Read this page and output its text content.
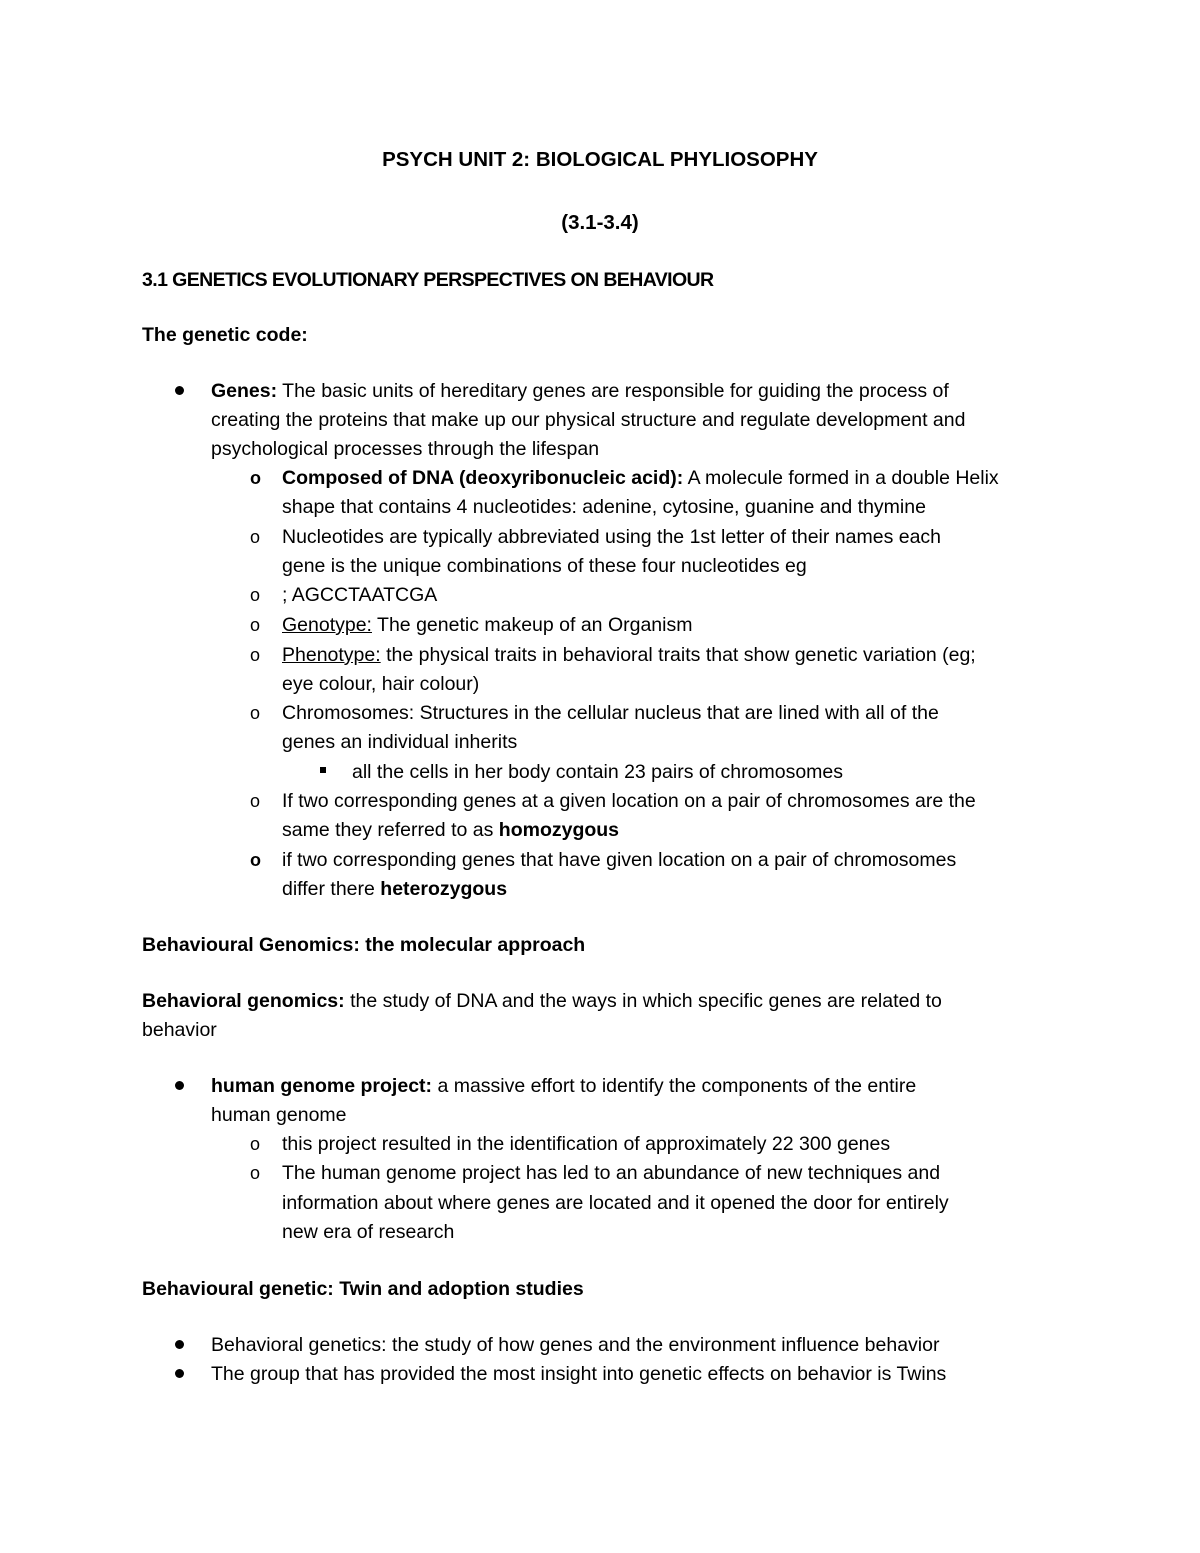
PSYCH UNIT 2: BIOLOGICAL PHYLIOSOPHY
(3.1-3.4)
3.1 GENETICS EVOLUTIONARY PERSPECTIVES ON BEHAVIOUR
The genetic code:
Genes: The basic units of hereditary genes are responsible for guiding the process of
creating the proteins that make up our physical structure and regulate development and
psychological processes through the lifespan
o Composed of DNA (deoxyribonucleic acid): A molecule formed in a double Helix
shape that contains 4 nucleotides: adenine, cytosine, guanine and thymine
o Nucleotides are typically abbreviated using the 1st letter of their names each
gene is the unique combinations of these four nucleotides eg
o ; AGCCTAATCGA
o Genotype: The genetic makeup of an Organism
o Phenotype: the physical traits in behavioral traits that show genetic variation (eg;
eye colour, hair colour)
o Chromosomes: Structures in the cellular nucleus that are lined with all of the
genes an individual inherits
all the cells in her body contain 23 pairs of chromosomes
o If two corresponding genes at a given location on a pair of chromosomes are the
same they referred to as homozygous
o if two corresponding genes that have given location on a pair of chromosomes
differ there heterozygous
Behavioural Genomics: the molecular approach
Behavioral genomics: the study of DNA and the ways in which specific genes are related to
behavior
human genome project: a massive effort to identify the components of the entire
human genome
o this project resulted in the identification of approximately 22 300 genes
o The human genome project has led to an abundance of new techniques and
information about where genes are located and it opened the door for entirely
new era of research
Behavioural genetic: Twin and adoption studies
Behavioral genetics: the study of how genes and the environment influence behavior
The group that has provided the most insight into genetic effects on behavior is Twins
